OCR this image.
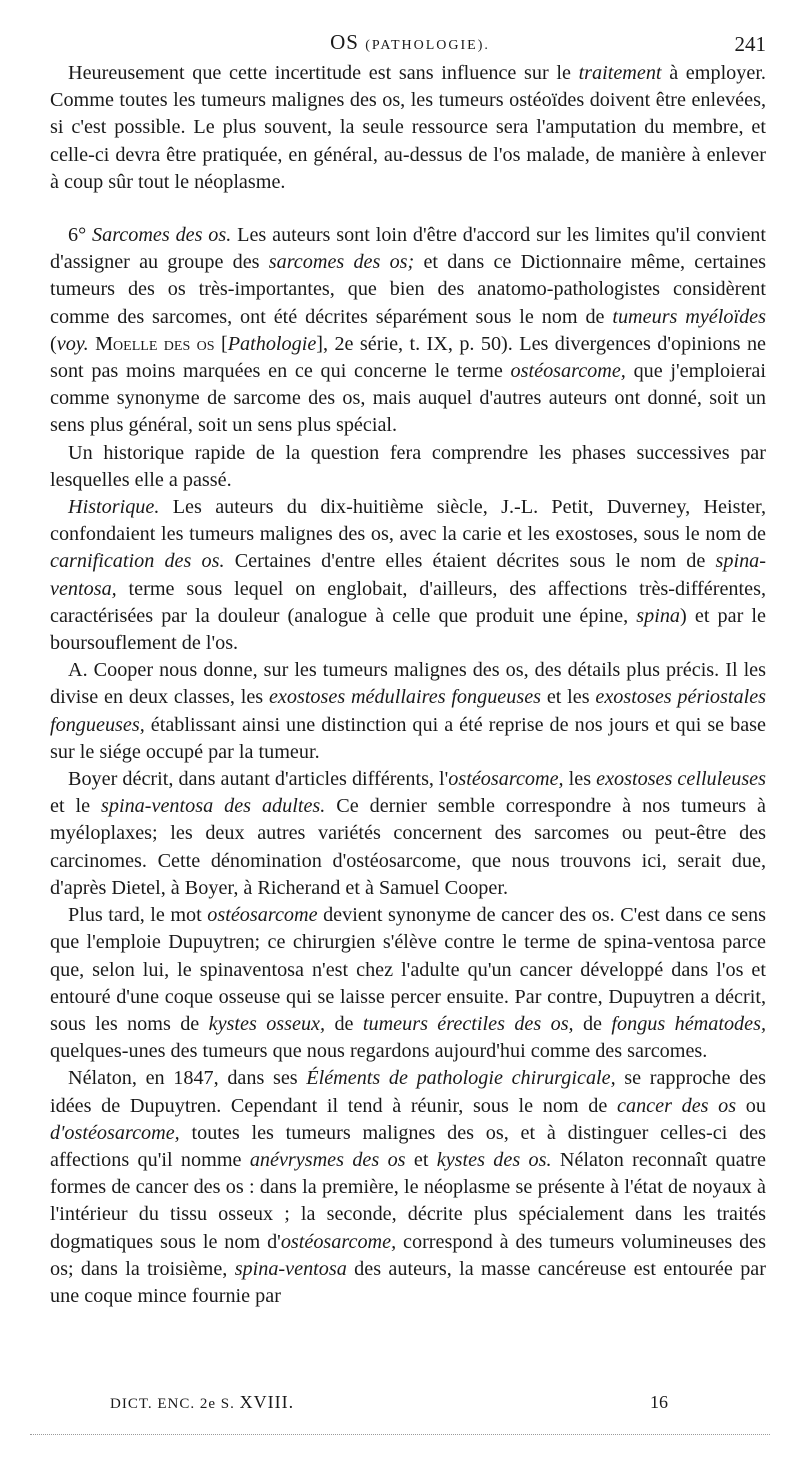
OS (PATHOLOGIE).	241

Heureusement que cette incertitude est sans influence sur le traitement à employer. Comme toutes les tumeurs malignes des os, les tumeurs ostéoïdes doivent être enlevées, si c'est possible. Le plus souvent, la seule ressource sera l'amputation du membre, et celle-ci devra être pratiquée, en général, au-dessus de l'os malade, de manière à enlever à coup sûr tout le néoplasme.

6° Sarcomes des os. Les auteurs sont loin d'être d'accord sur les limites qu'il convient d'assigner au groupe des sarcomes des os; et dans ce Dictionnaire même, certaines tumeurs des os très-importantes, que bien des anatomo-pathologistes considèrent comme des sarcomes, ont été décrites séparément sous le nom de tumeurs myéloïdes (voy. Moelle des os [Pathologie], 2e série, t. IX, p. 50). Les divergences d'opinions ne sont pas moins marquées en ce qui concerne le terme ostéosarcome, que j'emploierai comme synonyme de sarcome des os, mais auquel d'autres auteurs ont donné, soit un sens plus général, soit un sens plus spécial.

Un historique rapide de la question fera comprendre les phases successives par lesquelles elle a passé.

Historique. Les auteurs du dix-huitième siècle, J.-L. Petit, Duverney, Heister, confondaient les tumeurs malignes des os, avec la carie et les exostoses, sous le nom de carnification des os. Certaines d'entre elles étaient décrites sous le nom de spina-ventosa, terme sous lequel on englobait, d'ailleurs, des affections très-différentes, caractérisées par la douleur (analogue à celle que produit une épine, spina) et par le boursouflement de l'os.

A. Cooper nous donne, sur les tumeurs malignes des os, des détails plus précis. Il les divise en deux classes, les exostoses médullaires fongueuses et les exostoses périostales fongueuses, établissant ainsi une distinction qui a été reprise de nos jours et qui se base sur le siége occupé par la tumeur.

Boyer décrit, dans autant d'articles différents, l'ostéosarcome, les exostoses celluleuses et le spina-ventosa des adultes. Ce dernier semble correspondre à nos tumeurs à myéloplaxes; les deux autres variétés concernent des sarcomes ou peut-être des carcinomes. Cette dénomination d'ostéosarcome, que nous trouvons ici, serait due, d'après Dietel, à Boyer, à Richerand et à Samuel Cooper.

Plus tard, le mot ostéosarcome devient synonyme de cancer des os. C'est dans ce sens que l'emploie Dupuytren; ce chirurgien s'élève contre le terme de spina-ventosa parce que, selon lui, le spinaventosa n'est chez l'adulte qu'un cancer développé dans l'os et entouré d'une coque osseuse qui se laisse percer ensuite. Par contre, Dupuytren a décrit, sous les noms de kystes osseux, de tumeurs érectiles des os, de fongus hématodes, quelques-unes des tumeurs que nous regardons aujourd'hui comme des sarcomes.

Nélaton, en 1847, dans ses Éléments de pathologie chirurgicale, se rapproche des idées de Dupuytren. Cependant il tend à réunir, sous le nom de cancer des os ou d'ostéosarcome, toutes les tumeurs malignes des os, et à distinguer celles-ci des affections qu'il nomme anévrysmes des os et kystes des os. Nélaton reconnaît quatre formes de cancer des os : dans la première, le néoplasme se présente à l'état de noyaux à l'intérieur du tissu osseux ; la seconde, décrite plus spécialement dans les traités dogmatiques sous le nom d'ostéosarcome, correspond à des tumeurs volumineuses des os; dans la troisième, spina-ventosa des auteurs, la masse cancéreuse est entourée par une coque mince fournie par

DICT. ENC. 2e S. XVIII.	16
